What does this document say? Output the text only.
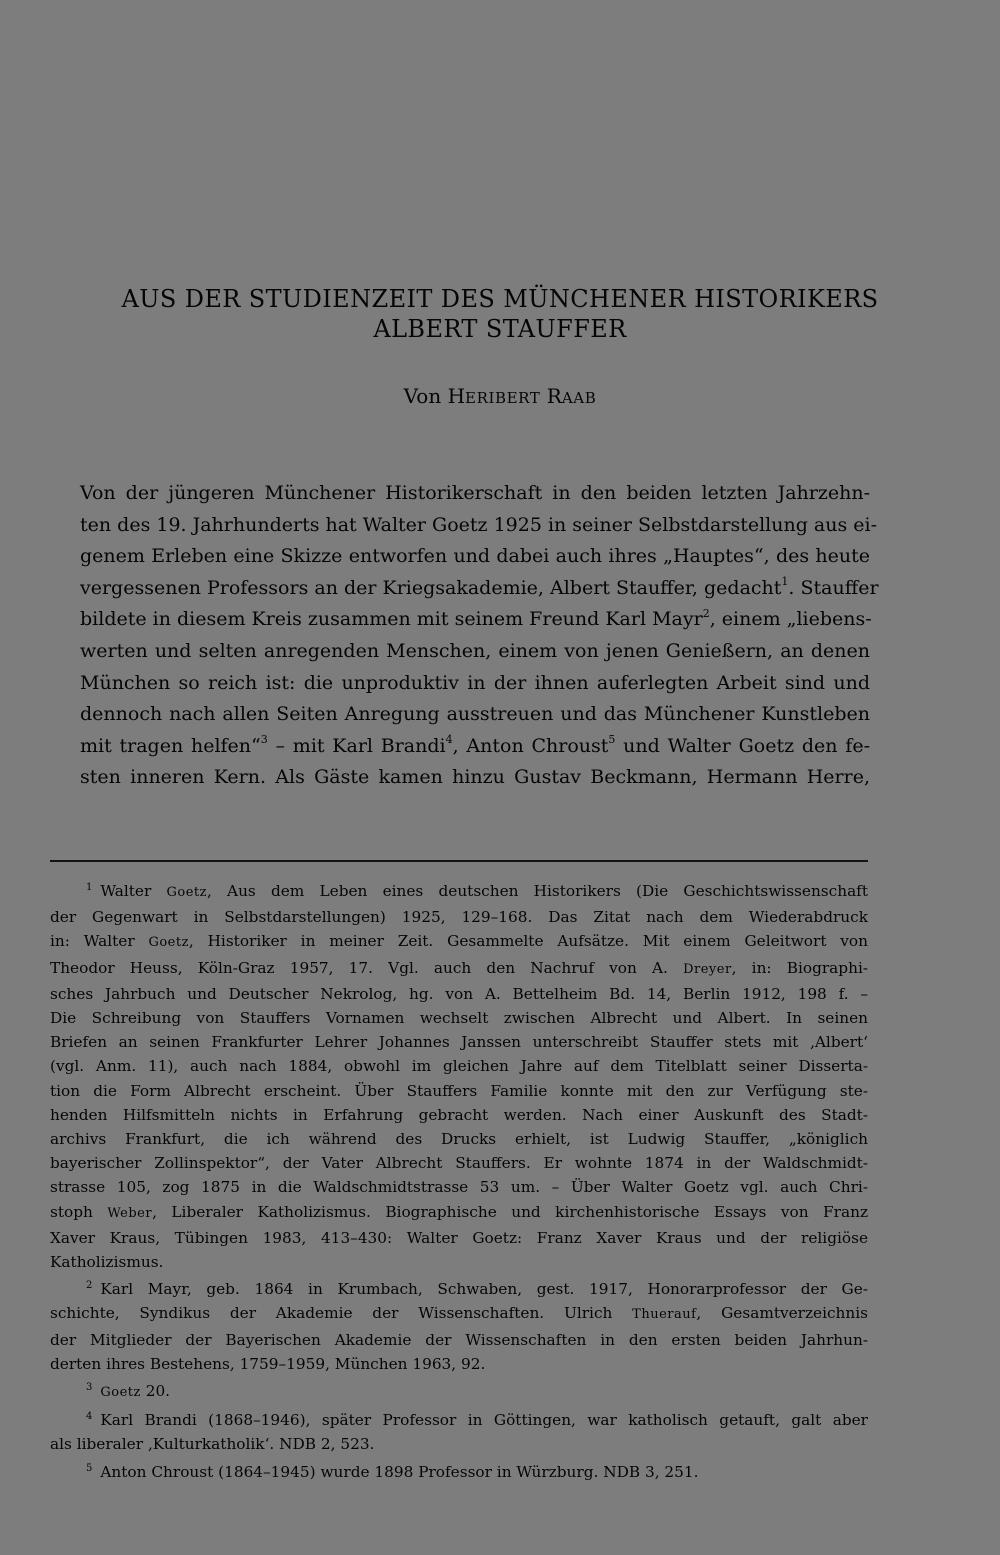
AUS DER STUDIENZEIT DES MÜNCHENER HISTORIKERS
ALBERT STAUFFER
Von HERIBERT RAAB
Von der jüngeren Münchener Historikerschaft in den beiden letzten Jahrzehn-
ten des 19. Jahrhunderts hat Walter Goetz 1925 in seiner Selbstdarstellung aus ei-
genem Erleben eine Skizze entworfen und dabei auch ihres „Hauptes“, des heute
vergessenen Professors an der Kriegsakademie, Albert Stauffer, gedacht$^1$. Stauffer
bildete in diesem Kreis zusammen mit seinem Freund Karl Mayr$^2$, einem „liebens-
werten und selten anregenden Menschen, einem von jenen Genießern, an denen
München so reich ist: die unproduktiv in der ihnen auferlegten Arbeit sind und
dennoch nach allen Seiten Anregung ausstreuen und das Münchener Kunstleben
mit tragen helfen“$^3$ – mit Karl Brandi$^4$, Anton Chroust$^5$ und Walter Goetz den fe-
sten inneren Kern. Als Gäste kamen hinzu Gustav Beckmann, Hermann Herre,
$^1$ Walter Goetz, Aus dem Leben eines deutschen Historikers (Die Geschichtswissenschaft
der Gegenwart in Selbstdarstellungen) 1925, 129–168. Das Zitat nach dem Wiederabdruck
in: Walter Goetz, Historiker in meiner Zeit. Gesammelte Aufsätze. Mit einem Geleitwort von
Theodor Heuss, Köln-Graz 1957, 17. Vgl. auch den Nachruf von A. Dreyer, in: Biographi-
sches Jahrbuch und Deutscher Nekrolog, hg. von A. Bettelheim Bd. 14, Berlin 1912, 198 f. –
Die Schreibung von Stauffers Vornamen wechselt zwischen Albrecht und Albert. In seinen
Briefen an seinen Frankfurter Lehrer Johannes Janssen unterschreibt Stauffer stets mit ‚Albert‘
(vgl. Anm. 11), auch nach 1884, obwohl im gleichen Jahre auf dem Titelblatt seiner Disserta-
tion die Form Albrecht erscheint. Über Stauffers Familie konnte mit den zur Verfügung ste-
henden Hilfsmitteln nichts in Erfahrung gebracht werden. Nach einer Auskunft des Stadt-
archivs Frankfurt, die ich während des Drucks erhielt, ist Ludwig Stauffer, „königlich
bayerischer Zollinspektor“, der Vater Albrecht Stauffers. Er wohnte 1874 in der Waldschmidt-
strasse 105, zog 1875 in die Waldschmidtstrasse 53 um. – Über Walter Goetz vgl. auch Chri-
stoph Weber, Liberaler Katholizismus. Biographische und kirchenhistorische Essays von Franz
Xaver Kraus, Tübingen 1983, 413–430: Walter Goetz: Franz Xaver Kraus und der religiöse
Katholizismus.
$^2$ Karl Mayr, geb. 1864 in Krumbach, Schwaben, gest. 1917, Honorarprofessor der Ge-
schichte, Syndikus der Akademie der Wissenschaften. Ulrich Thuerauf, Gesamtverzeichnis
der Mitglieder der Bayerischen Akademie der Wissenschaften in den ersten beiden Jahrhun-
derten ihres Bestehens, 1759–1959, München 1963, 92.
$^3$ Goetz 20.
$^4$ Karl Brandi (1868–1946), später Professor in Göttingen, war katholisch getauft, galt aber
als liberaler ‚Kulturkatholik‘. NDB 2, 523.
$^5$ Anton Chroust (1864–1945) wurde 1898 Professor in Würzburg. NDB 3, 251.
